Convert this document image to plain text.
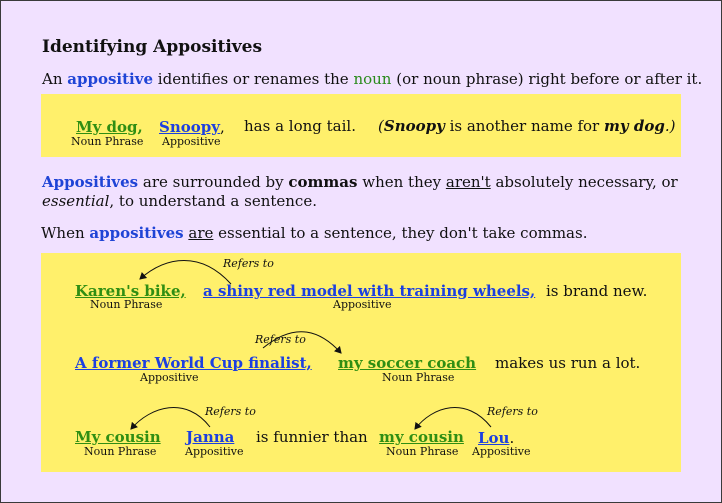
Identifying Appositives
An appositive identifies or renames the noun (or noun phrase) right before or after it.
My dog,
Noun Phrase
Snoopy,
Appositive
has a long tail. (Snoopy is another name for my dog.)
Appositives are surrounded by commas when they aren't absolutely necessary, or
essential, to understand a sentence.
When appositives are essential to a sentence, they don't take commas.
Refers to
Karen's bike,
Noun Phrase
a shiny red model with training wheels,
Appositive
is brand new.
Refers to
A former World Cup finalist,
Appositive
my soccer coach
Noun Phrase
makes us run a lot.
Refers to	Refers to
My cousin
Noun Phrase
Janna
Appositive
is funnier than my cousin
Noun Phrase
Lou.
Appositive
